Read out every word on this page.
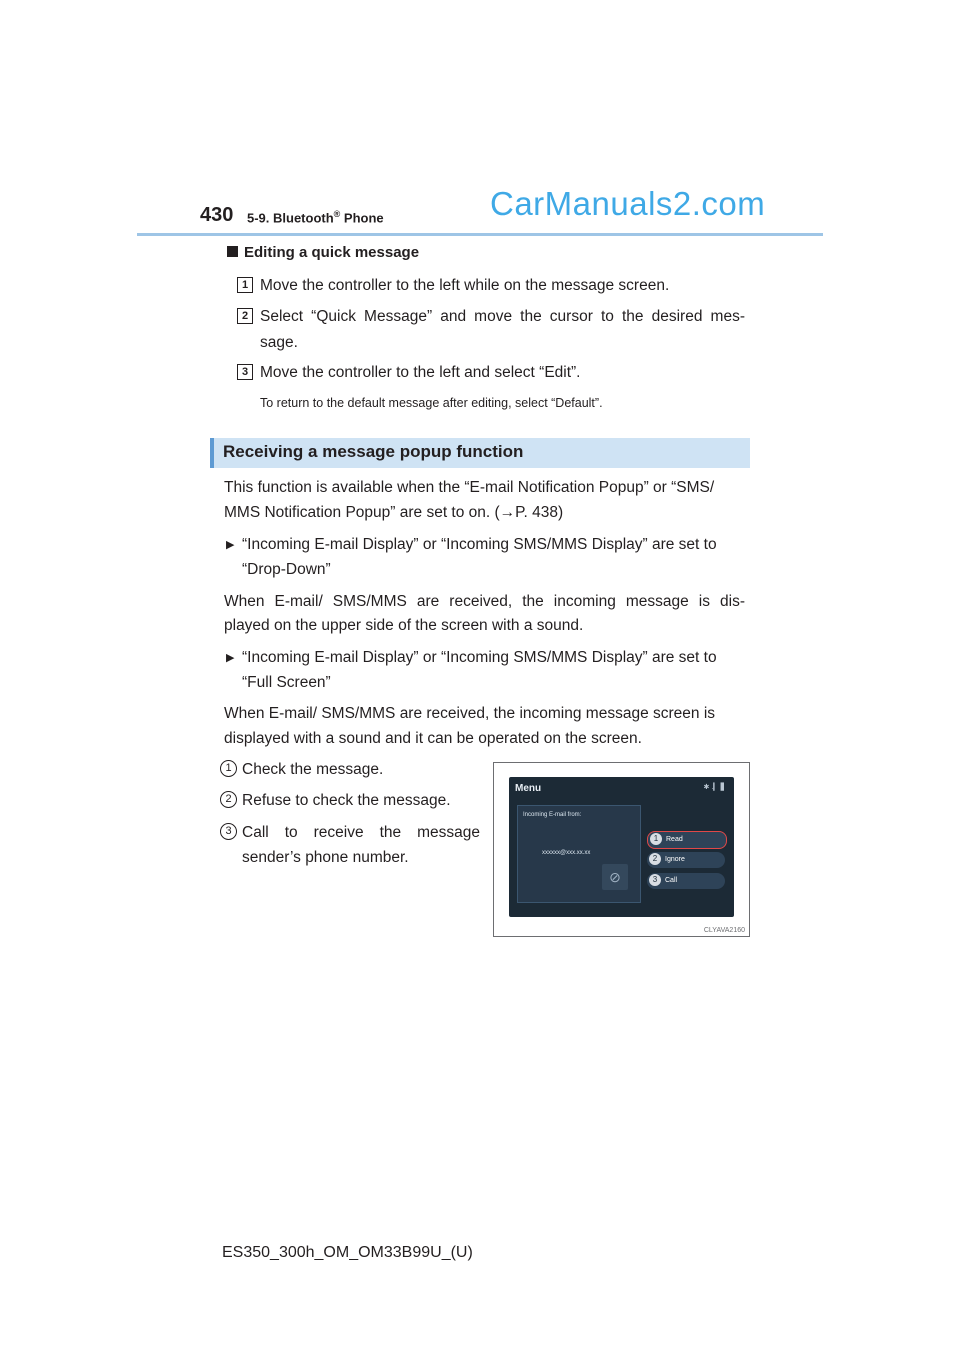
430 5-9. Bluetooth® Phone	CarManuals2.com
Editing a quick message
1 Move the controller to the left while on the message screen.
2 Select “Quick Message” and move the cursor to the desired mes-
sage.
3 Move the controller to the left and select “Edit”.
To return to the default message after editing, select “Default”.
Receiving a message popup function
This function is available when the “E-mail Notification Popup” or “SMS/
MMS Notification Popup” are set to on. (→P. 438)
▶ “Incoming E-mail Display” or “Incoming SMS/MMS Display” are set to
“Drop-Down”
When E-mail/ SMS/MMS are received, the incoming message is dis-
played on the upper side of the screen with a sound.
▶ “Incoming E-mail Display” or “Incoming SMS/MMS Display” are set to
“Full Screen”
When E-mail/ SMS/MMS are received, the incoming message screen is
displayed with a sound and it can be operated on the screen.
1 Check the message.
2 Refuse to check the message.
3 Call to receive the message
sender’s phone number.
Menu	✱ .▎ ▋
Incoming E-mail from:
xxxxxx@xxx.xx.xx
⊘
1 Read
2 Ignore
3 Call
CLYAVA2160
ES350_300h_OM_OM33B99U_(U)
